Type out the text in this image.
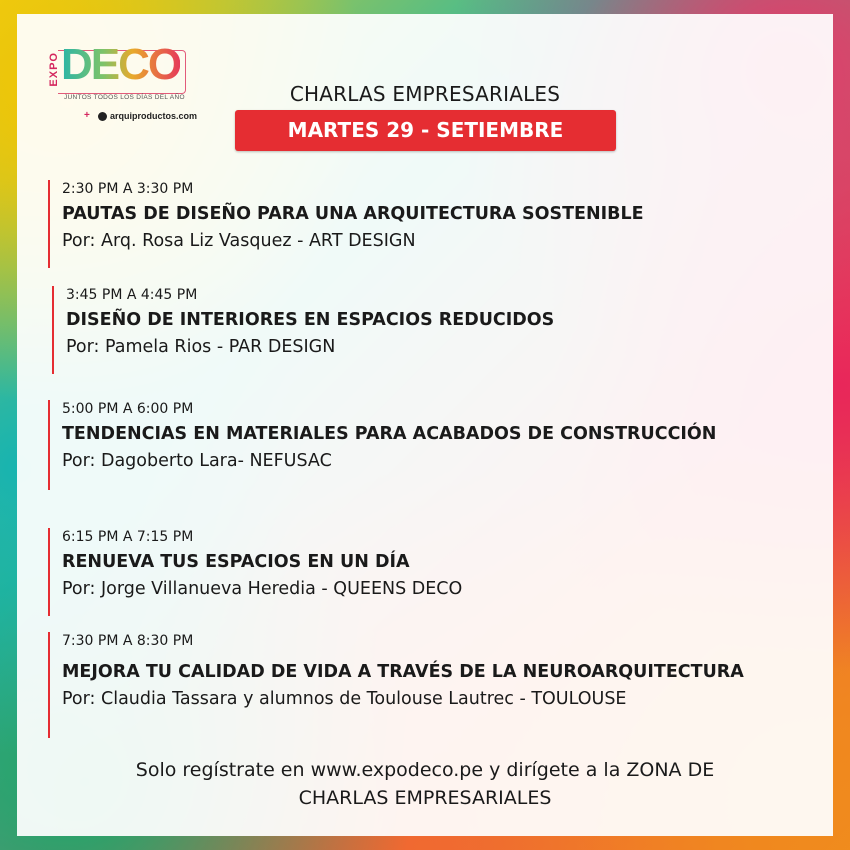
EXPO DECO
JUNTOS TODOS LOS DÍAS DEL AÑO
+ arquiproductos.com
CHARLAS EMPRESARIALES
MARTES 29 - SETIEMBRE
2:30 PM A 3:30 PM
PAUTAS DE DISEÑO PARA UNA ARQUITECTURA SOSTENIBLE
Por: Arq. Rosa Liz Vasquez - ART DESIGN
3:45 PM A 4:45 PM
DISEÑO DE INTERIORES EN ESPACIOS REDUCIDOS
Por: Pamela Rios - PAR DESIGN
5:00 PM A 6:00 PM
TENDENCIAS EN MATERIALES PARA ACABADOS DE CONSTRUCCIÓN
Por: Dagoberto Lara- NEFUSAC
6:15 PM A 7:15 PM
RENUEVA TUS ESPACIOS EN UN DÍA
Por: Jorge Villanueva Heredia - QUEENS DECO
7:30 PM A 8:30 PM
MEJORA TU CALIDAD DE VIDA A TRAVÉS DE LA NEUROARQUITECTURA
Por: Claudia Tassara y alumnos de Toulouse Lautrec - TOULOUSE
Solo regístrate en www.expodeco.pe y dirígete a la ZONA DE
CHARLAS EMPRESARIALES
